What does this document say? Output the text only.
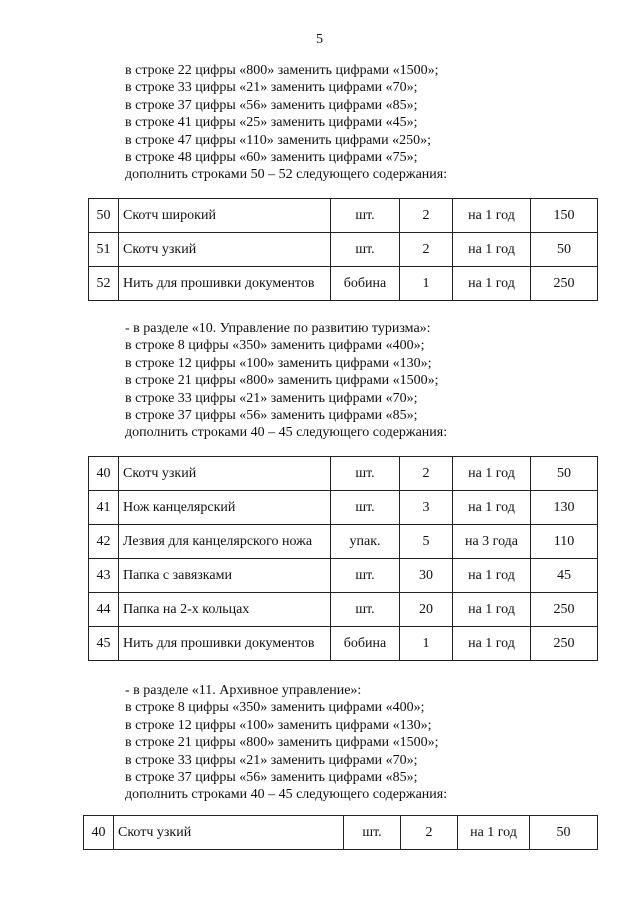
5
в строке 22 цифры «800» заменить цифрами «1500»;
в строке 33 цифры «21» заменить цифрами «70»;
в строке 37 цифры «56» заменить цифрами «85»;
в строке 41 цифры «25» заменить цифрами «45»;
в строке 47 цифры «110» заменить цифрами «250»;
в строке 48 цифры «60» заменить цифрами «75»;
дополнить строками 50 – 52 следующего содержания:
50	Скотч широкий	шт.	2	на 1 год	150
51	Скотч узкий	шт.	2	на 1 год	50
52	Нить для прошивки документов	бобина	1	на 1 год	250
- в разделе «10. Управление по развитию туризма»:
в строке 8 цифры «350» заменить цифрами «400»;
в строке 12 цифры «100» заменить цифрами «130»;
в строке 21 цифры «800» заменить цифрами «1500»;
в строке 33 цифры «21» заменить цифрами «70»;
в строке 37 цифры «56» заменить цифрами «85»;
дополнить строками 40 – 45 следующего содержания:
40	Скотч узкий	шт.	2	на 1 год	50
41	Нож канцелярский	шт.	3	на 1 год	130
42	Лезвия для канцелярского ножа	упак.	5	на 3 года	110
43	Папка с завязками	шт.	30	на 1 год	45
44	Папка на 2-х кольцах	шт.	20	на 1 год	250
45	Нить для прошивки документов	бобина	1	на 1 год	250
- в разделе «11. Архивное управление»:
в строке 8 цифры «350» заменить цифрами «400»;
в строке 12 цифры «100» заменить цифрами «130»;
в строке 21 цифры «800» заменить цифрами «1500»;
в строке 33 цифры «21» заменить цифрами «70»;
в строке 37 цифры «56» заменить цифрами «85»;
дополнить строками 40 – 45 следующего содержания:
40	Скотч узкий	шт.	2	на 1 год	50
